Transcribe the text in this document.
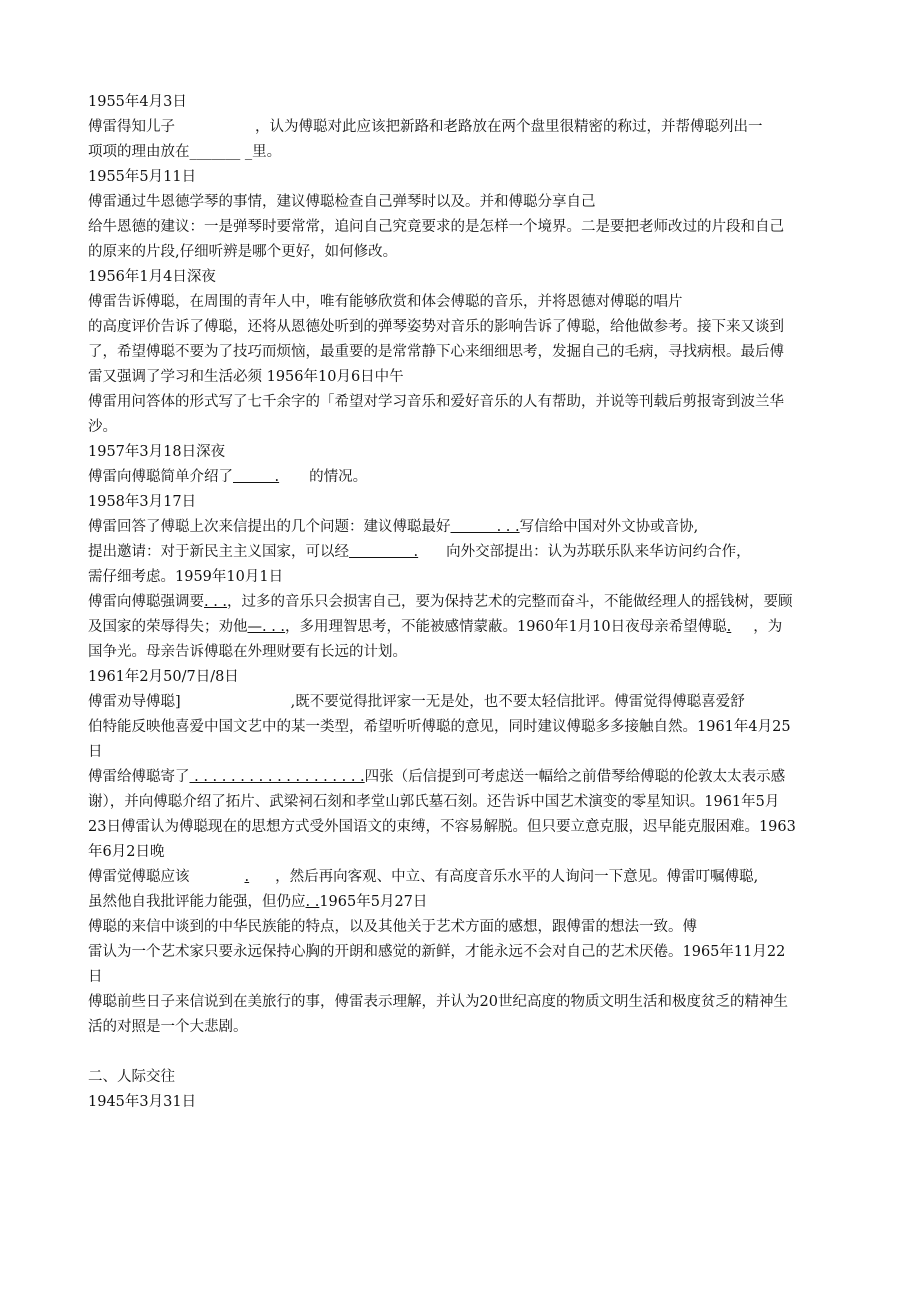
1955年4月3日
傅雷得知儿子	，认为傅聪对此应该把新路和老路放在两个盘里很精密的称过，并帮傅聪列出一
项项的理由放在_______ _里。
1955年5月11日
傅雷通过牛恩德学琴的事情，建议傅聪检查自己弹琴时以及。并和傅聪分享自己
给牛恩德的建议：一是弹琴时要常常，追问自己究竟要求的是怎样一个境界。二是要把老师改过的片段和自己
的原来的片段,仔细听辨是哪个更好，如何修改。
1956年1月4日深夜
傅雷告诉傅聪，在周围的青年人中，唯有能够欣赏和体会傅聪的音乐，并将恩德对傅聪的唱片
的高度评价告诉了傅聪，还将从恩德处听到的弹琴姿势对音乐的影响告诉了傅聪，给他做参考。接下来又谈到
了，希望傅聪不要为了技巧而烦恼，最重要的是常常静下心来细细思考，发掘自己的毛病，寻找病根。最后傅
雷又强调了学习和生活必须 1956年10月6日中午
傅雷用问答体的形式写了七千余字的「希望对学习音乐和爱好音乐的人有帮助，并说等刊载后剪报寄到波兰华
沙。
1957年3月18日深夜
傅雷向傅聪简单介绍了         . 的情况。
1958年3月17日
傅雷回答了傅聪上次来信提出的几个问题：建议傅聪最好          . . .写信给中国对外文协或音协,
提出邀请：对于新民主主义国家，可以经              . 向外交部提出：认为苏联乐队来华访问约合作，
需仔细考虑。1959年10月1日
傅雷向傅聪强调要. . .，过多的音乐只会损害自己，要为保持艺术的完整而奋斗，不能做经理人的摇钱树，要顾
及国家的荣辱得失；劝他—. . .，多用理智思考，不能被感情蒙蔽。1960年1月10日夜母亲希望傅聪. ，为
国争光。母亲告诉傅聪在外理财要有长远的计划。
1961年2月50/7日/8日
傅雷劝导傅聪]	,既不要觉得批评家一无是处，也不要太轻信批评。傅雷觉得傅聪喜爱舒
伯特能反映他喜爱中国文艺中的某一类型，希望听听傅聪的意见，同时建议傅聪多多接触自然。1961年4月25
日
傅雷给傅聪寄了 . . . . . . . . . . . . . . . . . . .四张（后信提到可考虑送一幅给之前借琴给傅聪的伦敦太太表示感
谢），并向傅聪介绍了拓片、武梁祠石刻和孝堂山郭氏墓石刻。还告诉中国艺术演变的零星知识。1961年5月
23日傅雷认为傅聪现在的思想方式受外国语文的束缚，不容易解脱。但只要立意克服，迟早能克服困难。1963
年6月2日晚
傅雷觉傅聪应该	. ，然后再向客观、中立、有高度音乐水平的人询问一下意见。傅雷叮嘱傅聪,
虽然他自我批评能力能强，但仍应. .1965年5月27日
傅聪的来信中谈到的中华民族能的特点，以及其他关于艺术方面的感想，跟傅雷的想法一致。傅
雷认为一个艺术家只要永远保持心胸的开朗和感觉的新鲜，才能永远不会对自己的艺术厌倦。1965年11月22
日
傅聪前些日子来信说到在美旅行的事，傅雷表示理解，并认为20世纪高度的物质文明生活和极度贫乏的精神生
活的对照是一个大悲剧。
二、人际交往
1945年3月31日
